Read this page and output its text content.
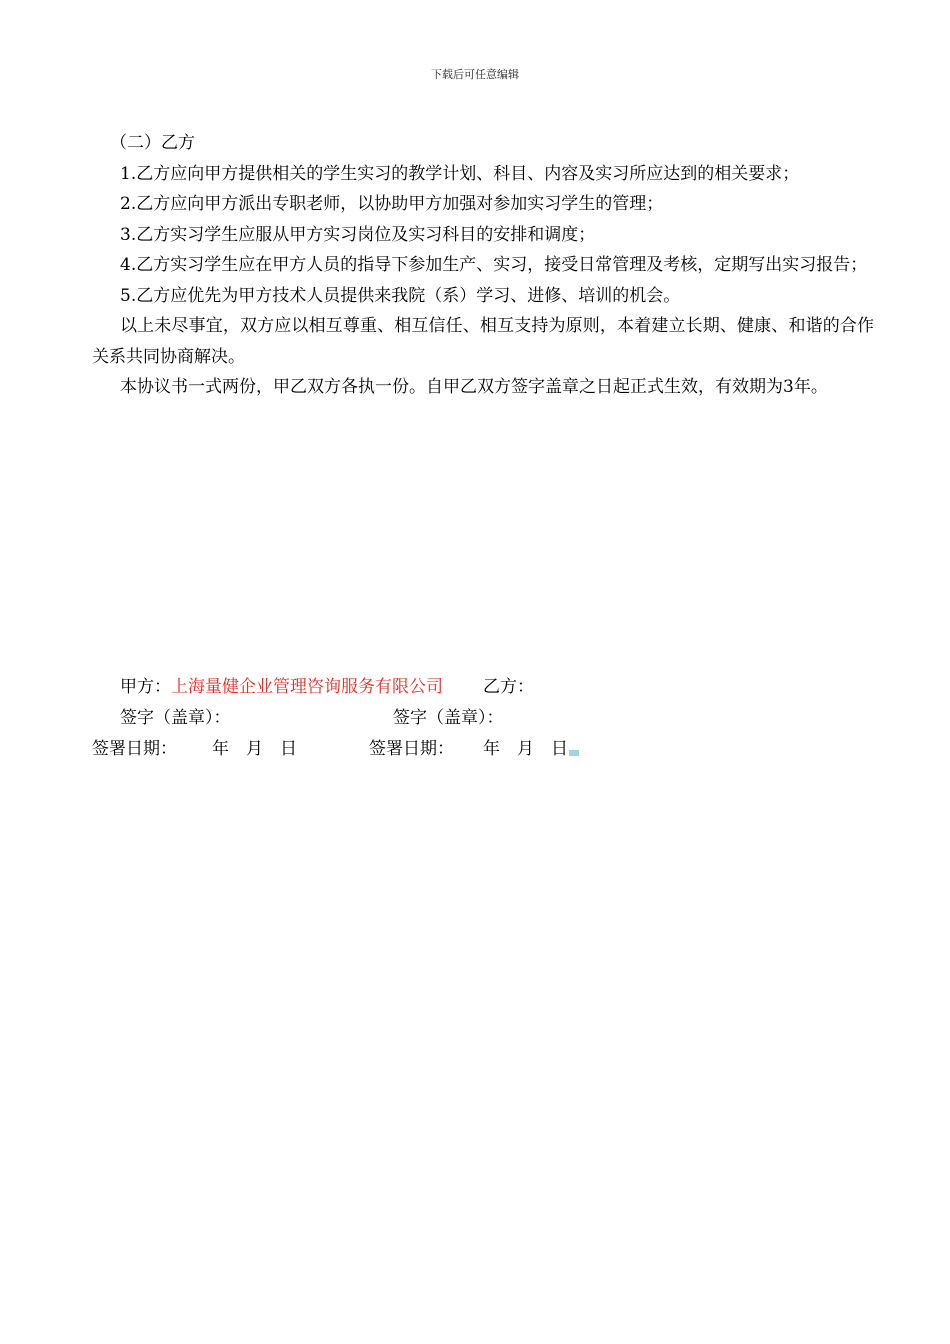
下载后可任意编辑

（二）乙方

1.乙方应向甲方提供相关的学生实习的教学计划、科目、内容及实习所应达到的相关要求；

2.乙方应向甲方派出专职老师，以协助甲方加强对参加实习学生的管理；

3.乙方实习学生应服从甲方实习岗位及实习科目的安排和调度；

4.乙方实习学生应在甲方人员的指导下参加生产、实习，接受日常管理及考核，定期写出实习报告；

5.乙方应优先为甲方技术人员提供来我院（系）学习、进修、培训的机会。

以上未尽事宜，双方应以相互尊重、相互信任、相互支持为原则，本着建立长期、健康、和谐的合作关系共同协商解决。

本协议书一式两份，甲乙双方各执一份。自甲乙双方签字盖章之日起正式生效，有效期为3年。

甲方：上海量健企业管理咨询服务有限公司 乙方：
签字（盖章）：	签字（盖章）：
签署日期： 年　月　日	签署日期： 年　月　日
